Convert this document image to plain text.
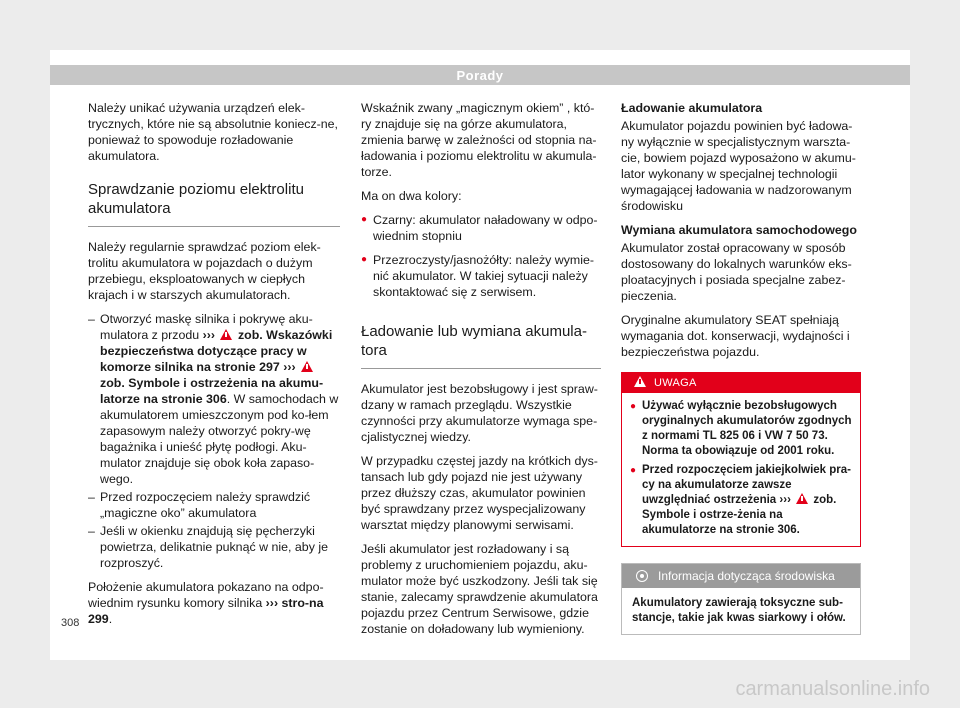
Porady

Należy unikać używania urządzeń elek-trycznych, które nie są absolutnie koniecz-ne, ponieważ to spowoduje rozładowanie akumulatora.

Sprawdzanie poziomu elektrolitu akumulatora

Należy regularnie sprawdzać poziom elek-trolitu akumulatora w pojazdach o dużym przebiegu, eksploatowanych w ciepłych krajach i w starszych akumulatorach.

– Otworzyć maskę silnika i pokrywę aku-mulatora z przodu ››› zob. Wskazówki bezpieczeństwa dotyczące pracy w komorze silnika na stronie 297 ›››  zob. Symbole i ostrzeżenia na akumu-latorze na stronie 306. W samochodach w akumulatorem umieszczonym pod ko-łem zapasowym należy otworzyć pokry-wę bagażnika i unieść płytę podłogi. Aku-mulator znajduje się obok koła zapaso-wego.
– Przed rozpoczęciem należy sprawdzić „magiczne oko” akumulatora
– Jeśli w okienku znajdują się pęcherzyki powietrza, delikatnie puknąć w nie, aby je rozproszyć.

Położenie akumulatora pokazano na odpo-wiednim rysunku komory silnika ››› stro-na 299.

Wskaźnik zwany „magicznym okiem” , któ-ry znajduje się na górze akumulatora, zmienia barwę w zależności od stopnia na-ładowania i poziomu elektrolitu w akumula-torze.

Ma on dwa kolory:

● Czarny: akumulator naładowany w odpo-wiednim stopniu
● Przezroczysty/jasnożółty: należy wymie-nić akumulator. W takiej sytuacji należy skontaktować się z serwisem.
Ładowanie lub wymiana akumula-tora

Akumulator jest bezobsługowy i jest spraw-dzany w ramach przeglądu. Wszystkie czynności przy akumulatorze wymaga spe-cjalistycznej wiedzy.

W przypadku częstej jazdy na krótkich dys-tansach lub gdy pojazd nie jest używany przez dłuższy czas, akumulator powinien być sprawdzany przez wyspecjalizowany warsztat między planowymi serwisami.

Jeśli akumulator jest rozładowany i są problemy z uruchomieniem pojazdu, aku-mulator może być uszkodzony. Jeśli tak się stanie, zalecamy sprawdzenie akumulatora pojazdu przez Centrum Serwisowe, gdzie zostanie on doładowany lub wymieniony.

Ładowanie akumulatora

Akumulator pojazdu powinien być ładowa-ny wyłącznie w specjalistycznym warszta-cie, bowiem pojazd wyposażono w akumu-lator wykonany w specjalnej technologii wymagającej ładowania w nadzorowanym środowisku

Wymiana akumulatora samochodowego

Akumulator został opracowany w sposób dostosowany do lokalnych warunków eks-ploatacyjnych i posiada specjalne zabez-pieczenia.

Oryginalne akumulatory SEAT spełniają wymagania dot. konserwacji, wydajności i bezpieczeństwa pojazdu.

UWAGA
● Używać wyłącznie bezobsługowych oryginalnych akumulatorów zgodnych z normami TL 825 06 i VW 7 50 73. Norma ta obowiązuje od 2001 roku.
● Przed rozpoczęciem jakiejkolwiek pra-cy na akumulatorze zawsze uwzględniać ostrzeżenia ››› zob. Symbole i ostrze-żenia na akumulatorze na stronie 306.
Informacja dotycząca środowiska
Akumulatory zawierają toksyczne sub-stancje, takie jak kwas siarkowy i ołów.
308
carmanualsonline.info
